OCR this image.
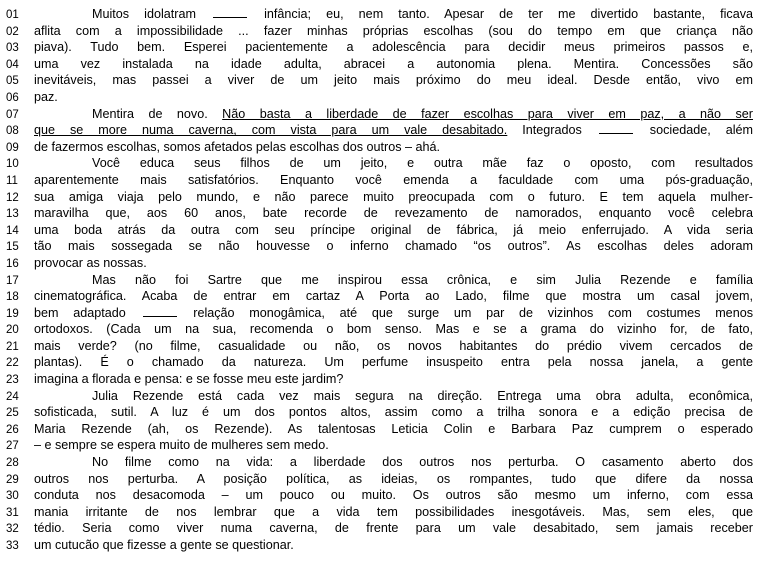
01	Muitos idolatram	infância; eu, nem tanto. Apesar de ter me divertido bastante, ficava
02	aflita com a impossibilidade ... fazer minhas próprias escolhas (sou do tempo em que criança não
03	piava). Tudo bem. Esperei pacientemente a adolescência para decidir meus primeiros passos e,
04	uma vez instalada na idade adulta, abracei a autonomia plena. Mentira. Concessões são
05	inevitáveis, mas passei a viver de um jeito mais próximo do meu ideal. Desde então, vivo em
06	paz.
07	Mentira de novo. Não basta a liberdade de fazer escolhas para viver em paz, a não ser
08	que se more numa caverna, com vista para um vale desabitado. Integrados	sociedade, além
09	de fazermos escolhas, somos afetados pelas escolhas dos outros – ahá.
10	Você educa seus filhos de um jeito, e outra mãe faz o oposto, com resultados
11	aparentemente mais satisfatórios. Enquanto você emenda a faculdade com uma pós-graduação,
12	sua amiga viaja pelo mundo, e não parece muito preocupada com o futuro. E tem aquela mulher-
13	maravilha que, aos 60 anos, bate recorde de revezamento de namorados, enquanto você celebra
14	uma boda atrás da outra com seu príncipe original de fábrica, já meio enferrujado. A vida seria
15	tão mais sossegada se não houvesse o inferno chamado “os outros”. As escolhas deles adoram
16	provocar as nossas.
17	Mas não foi Sartre que me inspirou essa crônica, e sim Julia Rezende e família
18	cinematográfica. Acaba de entrar em cartaz A Porta ao Lado, filme que mostra um casal jovem,
19	bem adaptado	relação monogâmica, até que surge um par de vizinhos com costumes menos
20	ortodoxos. (Cada um na sua, recomenda o bom senso. Mas e se a grama do vizinho for, de fato,
21	mais verde? (no filme, casualidade ou não, os novos habitantes do prédio vivem cercados de
22	plantas). É o chamado da natureza. Um perfume insuspeito entra pela nossa janela, a gente
23	imagina a florada e pensa: e se fosse meu este jardim?
24	Julia Rezende está cada vez mais segura na direção. Entrega uma obra adulta, econômica,
25	sofisticada, sutil. A luz é um dos pontos altos, assim como a trilha sonora e a edição precisa de
26	Maria Rezende (ah, os Rezende). As talentosas Leticia Colin e Barbara Paz cumprem o esperado
27	– e sempre se espera muito de mulheres sem medo.
28	No filme como na vida: a liberdade dos outros nos perturba. O casamento aberto dos
29	outros nos perturba. A posição política, as ideias, os rompantes, tudo que difere da nossa
30	conduta nos desacomoda – um pouco ou muito. Os outros são mesmo um inferno, com essa
31	mania irritante de nos lembrar que a vida tem possibilidades inesgotáveis. Mas, sem eles, que
32	tédio. Seria como viver numa caverna, de frente para um vale desabitado, sem jamais receber
33	um cutucão que fizesse a gente se questionar.
